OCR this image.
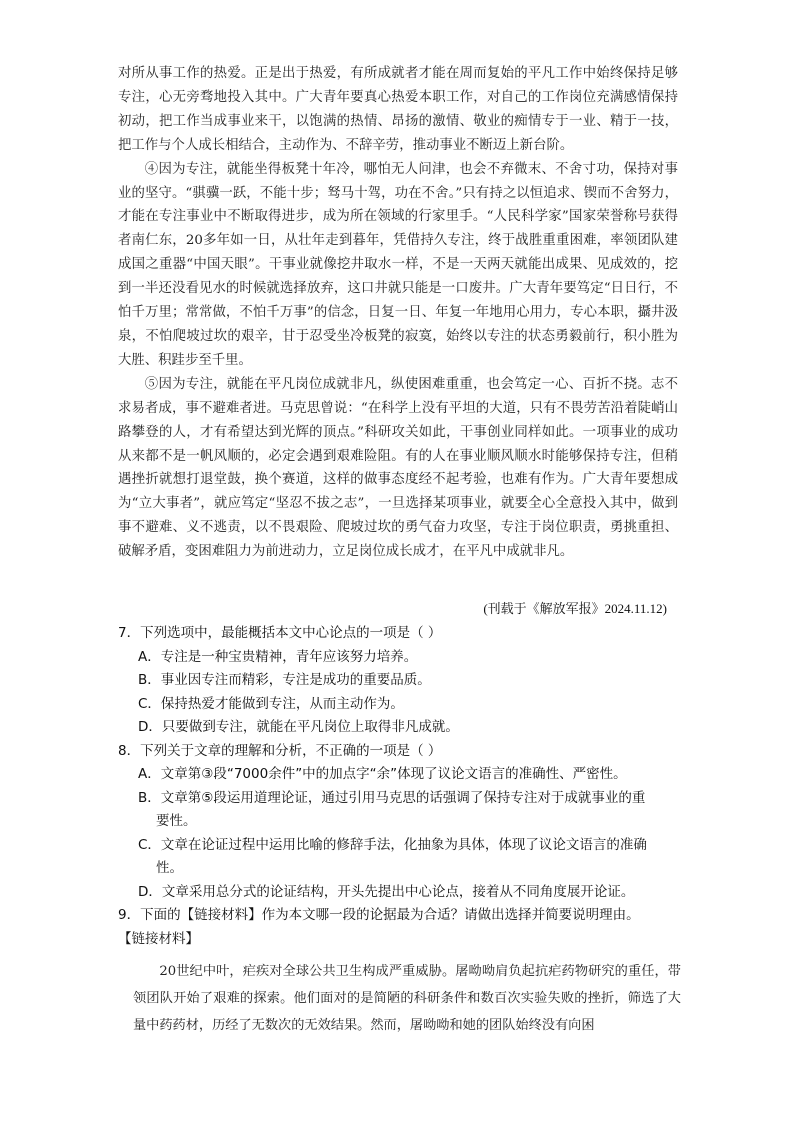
对所从事工作的热爱。正是出于热爱，有所成就者才能在周而复始的平凡工作中始终保持足够专注，心无旁骛地投入其中。广大青年要真心热爱本职工作，对自己的工作岗位充满感情保持初动，把工作当成事业来干，以饱满的热情、昂扬的激情、敬业的痴情专于一业、精于一技，把工作与个人成长相结合，主动作为、不辞辛劳，推动事业不断迈上新台阶。

④因为专注，就能坐得板凳十年冷，哪怕无人问津，也会不弃微末、不舍寸功，保持对事业的坚守。“骐骥一跃，不能十步；驽马十驾，功在不舍。”只有持之以恒追求、锲而不舍努力，才能在专注事业中不断取得进步，成为所在领域的行家里手。“人民科学家”国家荣誉称号获得者南仁东，20多年如一日，从壮年走到暮年，凭借持久专注，终于战胜重重困难，率领团队建成国之重器“中国天眼”。干事业就像挖井取水一样，不是一天两天就能出成果、见成效的，挖到一半还没看见水的时候就选择放弃，这口井就只能是一口废井。广大青年要笃定“日日行，不怕千万里；常常做，不怕千万事”的信念，日复一日、年复一年地用心用力，专心本职，攝井汲泉，不怕爬坡过坎的艰辛，甘于忍受坐冷板凳的寂寞，始终以专注的状态勇毅前行，积小胜为大胜、积跬步至千里。

⑤因为专注，就能在平凡岗位成就非凡，纵使困难重重，也会笃定一心、百折不挠。志不求易者成，事不避难者进。马克思曾说：“在科学上没有平坦的大道，只有不畏劳苦沿着陡峭山路攀登的人，才有希望达到光辉的顶点。”科研攻关如此，干事创业同样如此。一项事业的成功从来都不是一帆风顺的，必定会遇到艰难险阻。有的人在事业顺风顺水时能够保持专注，但稍遇挫折就想打退堂鼓，换个赛道，这样的做事态度经不起考验，也难有作为。广大青年要想成为“立大事者”，就应笃定“坚忍不拔之志”，一旦选择某项事业，就要全心全意投入其中，做到事不避难、义不逃责，以不畏艰险、爬坡过坎的勇气奋力攻坚，专注于岗位职责，勇挑重担、破解矛盾，变困难阻力为前进动力，立足岗位成长成才，在平凡中成就非凡。

(刊载于《解放军报》2024.11.12)

7．下列选项中，最能概括本文中心论点的一项是（ ）

A．专注是一种宝贵精神，青年应该努力培养。

B．事业因专注而精彩，专注是成功的重要品质。

C．保持热爱才能做到专注，从而主动作为。

D．只要做到专注，就能在平凡岗位上取得非凡成就。

8．下列关于文章的理解和分析，不正确的一项是（ ）

A．文章第③段“7000余件”中的加点字“余”体现了议论文语言的准确性、严密性。

B．文章第⑤段运用道理论证，通过引用马克思的话强调了保持专注对于成就事业的重

要性。

C．文章在论证过程中运用比喻的修辞手法，化抽象为具体，体现了议论文语言的准确

性。

D．文章采用总分式的论证结构，开头先提出中心论点，接着从不同角度展开论证。

9．下面的【链接材料】作为本文哪一段的论据最为合适？请做出选择并简要说明理由。

【链接材料】

20世纪中叶，疟疾对全球公共卫生构成严重威胁。屠呦呦肩负起抗疟药物研究的重任，带领团队开始了艰难的探索。他们面对的是简陋的科研条件和数百次实验失败的挫折，筛选了大量中药药材，历经了无数次的无效结果。然而，屠呦呦和她的团队始终没有向困
